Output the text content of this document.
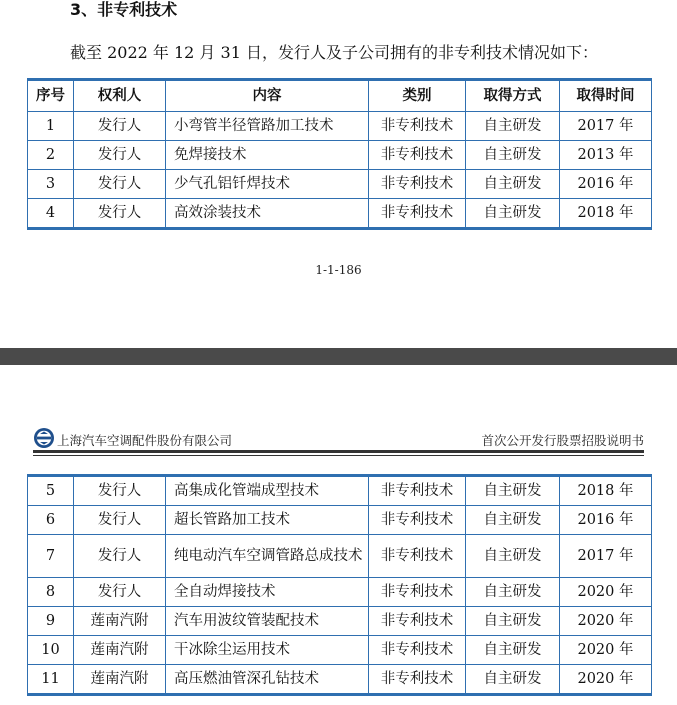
3、非专利技术
截至 2022 年 12 月 31 日，发行人及子公司拥有的非专利技术情况如下：
序号	权利人	内容	类别	取得方式	取得时间
1	发行人	小弯管半径管路加工技术	非专利技术	自主研发	2017 年
2	发行人	免焊接技术	非专利技术	自主研发	2013 年
3	发行人	少气孔铝钎焊技术	非专利技术	自主研发	2016 年
4	发行人	高效涂装技术	非专利技术	自主研发	2018 年
1-1-186
上海汽车空调配件股份有限公司	首次公开发行股票招股说明书
5	发行人	高集成化管端成型技术	非专利技术	自主研发	2018 年
6	发行人	超长管路加工技术	非专利技术	自主研发	2016 年
7	发行人	纯电动汽车空调管路总成技术	非专利技术	自主研发	2017 年
8	发行人	全自动焊接技术	非专利技术	自主研发	2020 年
9	莲南汽附	汽车用波纹管装配技术	非专利技术	自主研发	2020 年
10	莲南汽附	干冰除尘运用技术	非专利技术	自主研发	2020 年
11	莲南汽附	高压燃油管深孔钻技术	非专利技术	自主研发	2020 年
